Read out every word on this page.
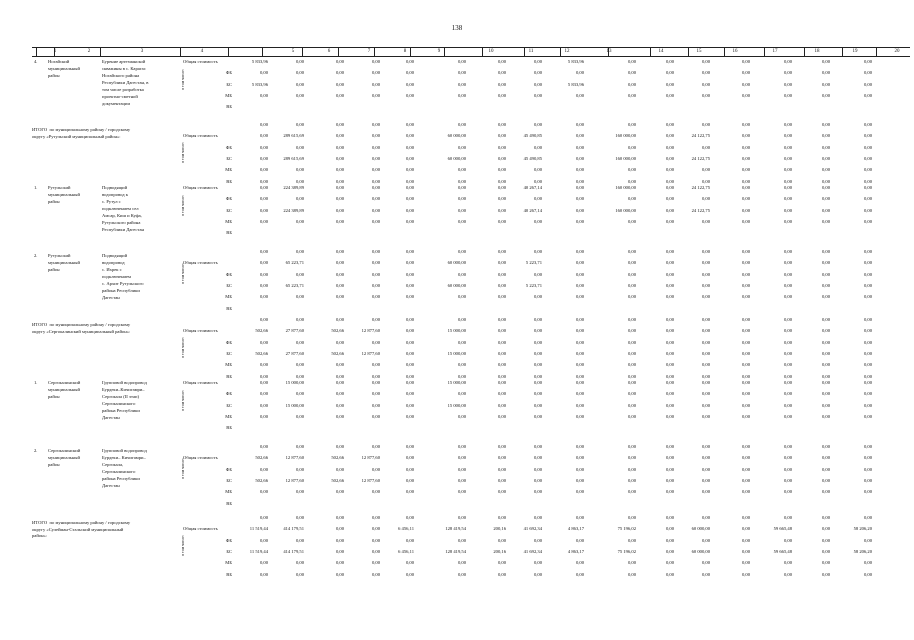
138
1	2	3	4	5	6	7	8	9	10	11	12	13	14	15	16	17	18	19	20
4. Ногайский
муниципальный
район
Бурение артезианской
скважины в с. Карагас
Ногайского района
Республики Дагестан, в
том числе разработка
проектно-сметной
документации
в том числе:
Общая стоимость	5 833,96	0,00	0,00	0,00	0,00	0,00	0,00	0,00	5 833,96	0,00	0,00	0,00	0,00	0,00	0,00	0,00
ФБ	0,00	0,00	0,00	0,00	0,00	0,00	0,00	0,00	0,00	0,00	0,00	0,00	0,00	0,00	0,00	0,00
БС	5 833,96	0,00	0,00	0,00	0,00	0,00	0,00	0,00	5 833,96	0,00	0,00	0,00	0,00	0,00	0,00	0,00
МБ	0,00	0,00	0,00	0,00	0,00	0,00	0,00	0,00	0,00	0,00	0,00	0,00	0,00	0,00	0,00	0,00
ВБ
ИТОГО  по муниципальному району / городскому
округу «Рутульский муниципальный район»:
в том числе:
0,00	0,00	0,00	0,00	0,00	0,00	0,00	0,00	0,00	0,00	0,00	0,00	0,00	0,00	0,00	0,00
Общая стоимость	0,00	289 615,69	0,00	0,00	0,00	60 000,00	0,00	45 490,85	0,00	160 000,00	0,00	24 122,75	0,00	0,00	0,00	0,00
ФБ	0,00	0,00	0,00	0,00	0,00	0,00	0,00	0,00	0,00	0,00	0,00	0,00	0,00	0,00	0,00	0,00
БС	0,00	289 615,69	0,00	0,00	0,00	60 000,00	0,00	45 490,85	0,00	160 000,00	0,00	24 122,75	0,00	0,00	0,00	0,00
МБ	0,00	0,00	0,00	0,00	0,00	0,00	0,00	0,00	0,00	0,00	0,00	0,00	0,00	0,00	0,00	0,00
ВБ	0,00	0,00	0,00	0,00	0,00	0,00	0,00	0,00	0,00	0,00	0,00	0,00	0,00	0,00	0,00	0,00
1. Рутульский
муниципальный
район
Подводящий
водопровод к
с. Рутул с
подключением сел
Амсар, Киш и Куфа,
Рутульского района
Республики Дагестан
в том числе:
Общая стоимость	0,00	224 389,89	0,00	0,00	0,00	0,00	0,00	40 267,14	0,00	160 000,00	0,00	24 122,75	0,00	0,00	0,00	0,00
ФБ	0,00	0,00	0,00	0,00	0,00	0,00	0,00	0,00	0,00	0,00	0,00	0,00	0,00	0,00	0,00	0,00
БС	0,00	224 389,89	0,00	0,00	0,00	0,00	0,00	40 267,14	0,00	160 000,00	0,00	24 122,75	0,00	0,00	0,00	0,00
МБ	0,00	0,00	0,00	0,00	0,00	0,00	0,00	0,00	0,00	0,00	0,00	0,00	0,00	0,00	0,00	0,00
ВБ
2. Рутульский
муниципальный
район
Подводящий
водопровод
с. Ихрек с
подключением
с. Архит Рутульского
района Республики
Дагестан
в том числе:
0,00	0,00	0,00	0,00	0,00	0,00	0,00	0,00	0,00	0,00	0,00	0,00	0,00	0,00	0,00	0,00
Общая стоимость	0,00	65 223,71	0,00	0,00	0,00	60 000,00	0,00	5 223,71	0,00	0,00	0,00	0,00	0,00	0,00	0,00	0,00
ФБ	0,00	0,00	0,00	0,00	0,00	0,00	0,00	0,00	0,00	0,00	0,00	0,00	0,00	0,00	0,00	0,00
БС	0,00	65 223,71	0,00	0,00	0,00	60 000,00	0,00	5 223,71	0,00	0,00	0,00	0,00	0,00	0,00	0,00	0,00
МБ	0,00	0,00	0,00	0,00	0,00	0,00	0,00	0,00	0,00	0,00	0,00	0,00	0,00	0,00	0,00	0,00
ВБ
ИТОГО  по муниципальному району / городскому
округу «Сергокалинский муниципальный район»:
в том числе:
0,00	0,00	0,00	0,00	0,00	0,00	0,00	0,00	0,00	0,00	0,00	0,00	0,00	0,00	0,00	0,00
Общая стоимость	502,66	27 877,60	502,66	12 877,60	0,00	15 000,00	0,00	0,00	0,00	0,00	0,00	0,00	0,00	0,00	0,00	0,00
ФБ	0,00	0,00	0,00	0,00	0,00	0,00	0,00	0,00	0,00	0,00	0,00	0,00	0,00	0,00	0,00	0,00
БС	502,66	27 877,60	502,66	12 877,60	0,00	15 000,00	0,00	0,00	0,00	0,00	0,00	0,00	0,00	0,00	0,00	0,00
МБ	0,00	0,00	0,00	0,00	0,00	0,00	0,00	0,00	0,00	0,00	0,00	0,00	0,00	0,00	0,00	0,00
ВБ	0,00	0,00	0,00	0,00	0,00	0,00	0,00	0,00	0,00	0,00	0,00	0,00	0,00	0,00	0,00	0,00
1. Сергокалинский
муниципальный
район
Групповой водопровод
Бурдеки–Кичигамри–
Сергокала (II этап)
Сергокалинского
района Республики
Дагестан
в том числе:
Общая стоимость	0,00	15 000,00	0,00	0,00	0,00	15 000,00	0,00	0,00	0,00	0,00	0,00	0,00	0,00	0,00	0,00	0,00
ФБ	0,00	0,00	0,00	0,00	0,00	0,00	0,00	0,00	0,00	0,00	0,00	0,00	0,00	0,00	0,00	0,00
БС	0,00	15 000,00	0,00	0,00	0,00	15 000,00	0,00	0,00	0,00	0,00	0,00	0,00	0,00	0,00	0,00	0,00
МБ	0,00	0,00	0,00	0,00	0,00	0,00	0,00	0,00	0,00	0,00	0,00	0,00	0,00	0,00	0,00	0,00
ВБ
2. Сергокалинский
муниципальный
район
Групповой водопровод
Бурдеки– Кичигамри–
Сергокала,
Сергокалинского
района Республики
Дагестан
в том числе:
0,00	0,00	0,00	0,00	0,00	0,00	0,00	0,00	0,00	0,00	0,00	0,00	0,00	0,00	0,00	0,00
Общая стоимость	502,66	12 877,60	502,66	12 877,60	0,00	0,00	0,00	0,00	0,00	0,00	0,00	0,00	0,00	0,00	0,00	0,00
ФБ	0,00	0,00	0,00	0,00	0,00	0,00	0,00	0,00	0,00	0,00	0,00	0,00	0,00	0,00	0,00	0,00
БС	502,66	12 877,60	502,66	12 877,60	0,00	0,00	0,00	0,00	0,00	0,00	0,00	0,00	0,00	0,00	0,00	0,00
МБ	0,00	0,00	0,00	0,00	0,00	0,00	0,00	0,00	0,00	0,00	0,00	0,00	0,00	0,00	0,00	0,00
ВБ
ИТОГО  по муниципальному району / городскому
округу «Сулейман-Стальский муниципальный
район»:	в том числе:
0,00	0,00	0,00	0,00	0,00	0,00	0,00	0,00	0,00	0,00	0,00	0,00	0,00	0,00	0,00	0,00
Общая стоимость	11 519,44	414 179,51	0,00	0,00	6 456,11	128 419,54	200,16	41 692,34	4 863,17	75 196,02	0,00	60 000,00	0,00	59 665,48	0,00	58 206,20
ФБ	0,00	0,00	0,00	0,00	0,00	0,00	0,00	0,00	0,00	0,00	0,00	0,00	0,00	0,00	0,00	0,00
БС	11 519,44	414 179,51	0,00	0,00	6 456,11	128 419,54	200,16	41 692,34	4 863,17	75 196,02	0,00	60 000,00	0,00	59 665,48	0,00	58 206,20
МБ	0,00	0,00	0,00	0,00	0,00	0,00	0,00	0,00	0,00	0,00	0,00	0,00	0,00	0,00	0,00	0,00
ВБ	0,00	0,00	0,00	0,00	0,00	0,00	0,00	0,00	0,00	0,00	0,00	0,00	0,00	0,00	0,00	0,00
